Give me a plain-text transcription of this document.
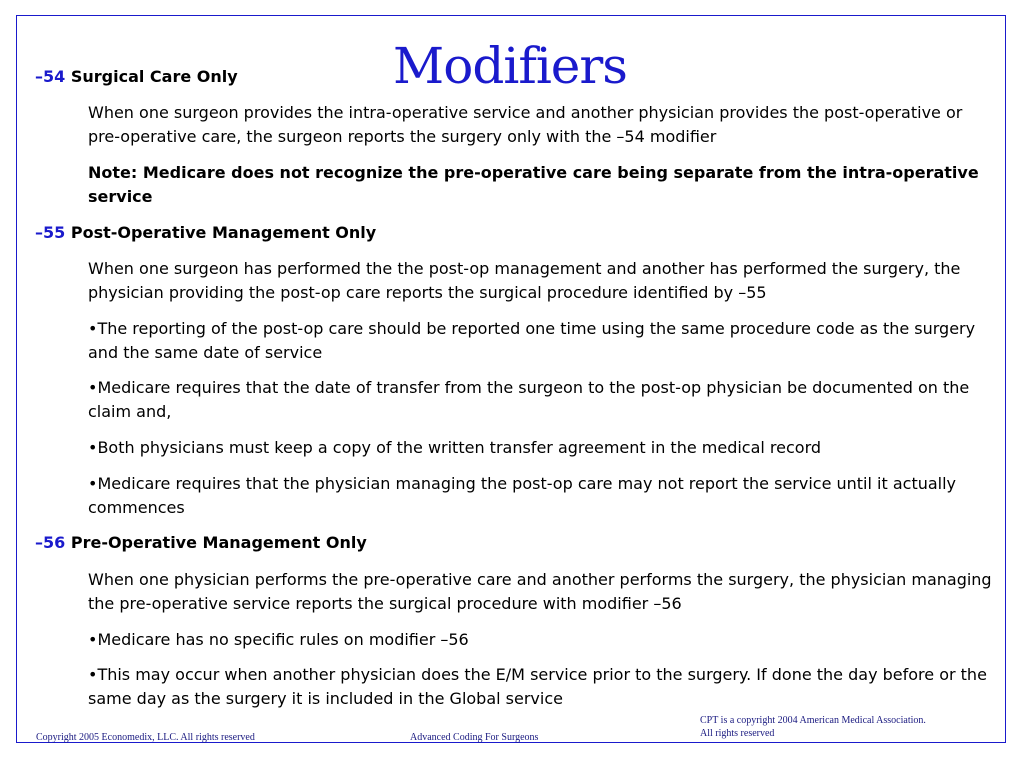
Modifiers
–54 Surgical Care Only
When one surgeon provides the intra-operative service and another physician provides the post-operative or pre-operative care, the surgeon reports the surgery only with the –54 modifier
Note: Medicare does not recognize the pre-operative care being separate from the intra-operative service
–55 Post-Operative Management Only
When one surgeon has performed the the post-op management and another has performed the surgery, the physician providing the post-op care reports the surgical procedure identified by –55
•The reporting of the post-op care should be reported one time using the same procedure code as the surgery and the same date of service
•Medicare requires that the date of transfer from the surgeon to the post-op physician be documented on the claim and,
•Both physicians must keep a copy of the written transfer agreement in the medical record
•Medicare requires that the physician managing the post-op care may not report the service until it actually commences
–56 Pre-Operative Management Only
When one physician performs the pre-operative care and another performs the surgery, the physician managing the pre-operative service reports the surgical procedure with modifier –56
•Medicare has no specific rules on modifier –56
•This may occur when another physician does the E/M service prior to the surgery. If done the day before or the same day as the surgery it is included in the Global service
Copyright 2005 Economedix, LLC. All rights reserved	Advanced Coding For Surgeons
CPT is a copyright 2004 American Medical Association.
All rights reserved
